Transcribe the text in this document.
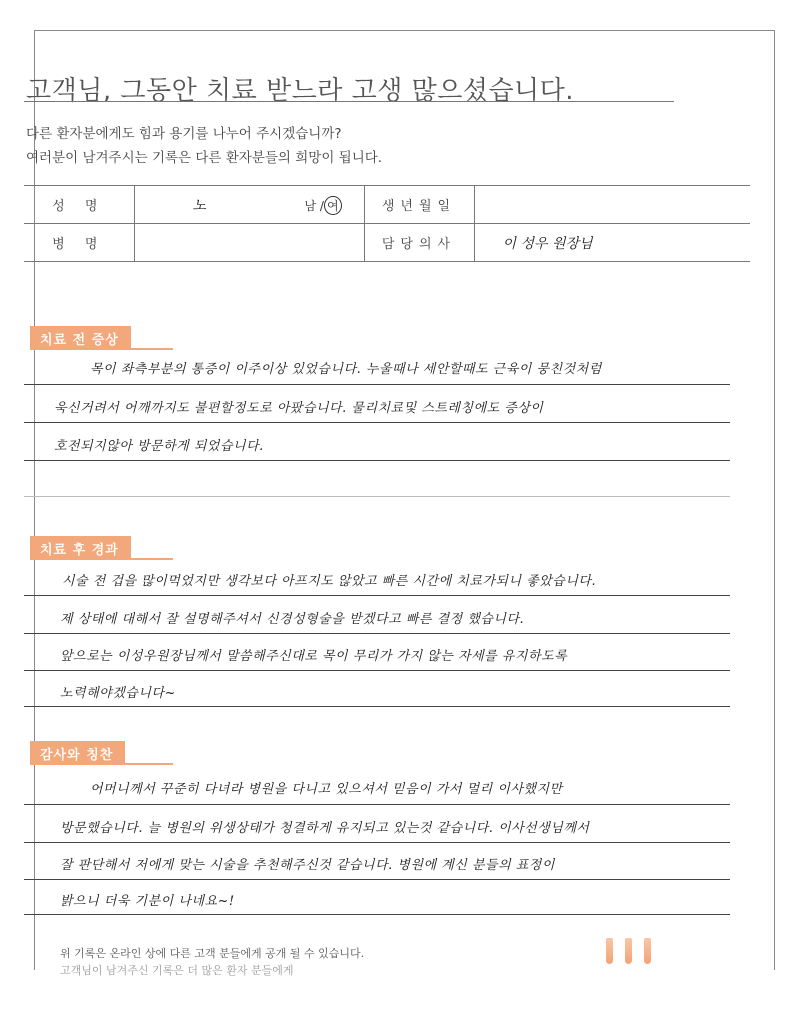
고객님, 그동안 치료 받느라 고생 많으셨습니다.
다른 환자분에게도 힘과 용기를 나누어 주시겠습니까?
여러분이 남겨주시는 기록은 다른 환자분들의 희망이 됩니다.
성 명	노 남 / 여	생년월일	
병 명		담당의사	이 성우 원장님
치료 전 증상
목이 좌측부분의 통증이 이주이상 있었습니다. 누울때나 세안할때도 근육이 뭉친것처럼
욱신거려서 어깨까지도 불편할정도로 아팠습니다. 물리치료및 스트레칭에도 증상이
호전되지않아 방문하게 되었습니다.
치료 후 경과
시술 전 겁을 많이먹었지만 생각보다 아프지도 않았고 빠른 시간에 치료가되니 좋았습니다.
제 상태에 대해서 잘 설명해주셔서 신경성형술을 받겠다고 빠른 결정 했습니다.
앞으로는 이성우원장님께서 말씀해주신대로 목이 무리가 가지 않는 자세를 유지하도록
노력해야겠습니다~
감사와 칭찬
어머니께서 꾸준히 다녀라 병원을 다니고 있으셔서 믿음이 가서 멀리 이사했지만
방문했습니다. 늘 병원의 위생상태가 청결하게 유지되고 있는것 같습니다. 이사선생님께서
잘 판단해서 저에게 맞는 시술을 추천해주신것 같습니다. 병원에 계신 분들의 표정이
밝으니 더욱 기분이 나네요~!
위 기록은 온라인 상에 다른 고객 분들에게 공개 될 수 있습니다.
고객님이 남겨주신 기록은 더 많은 환자 분들에게
